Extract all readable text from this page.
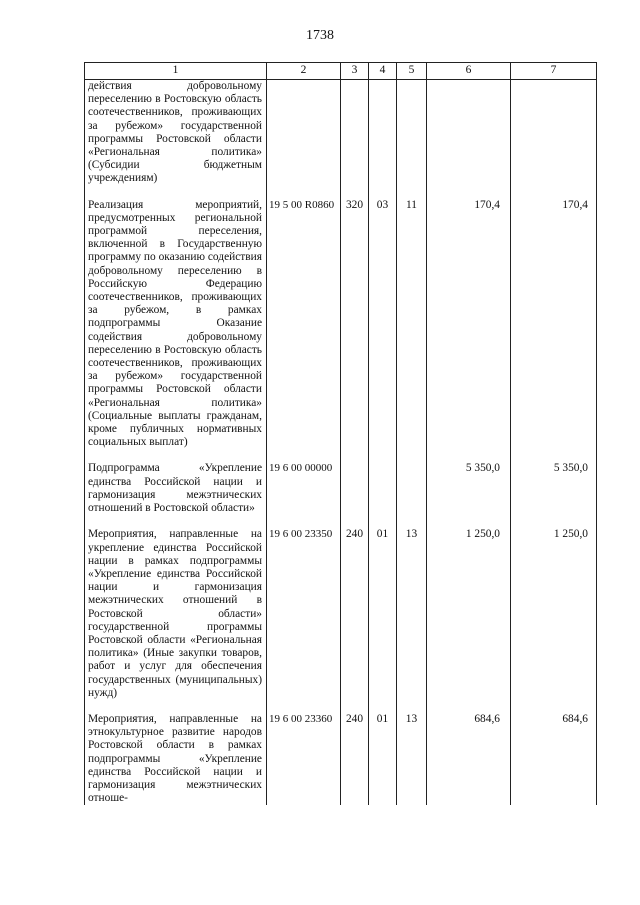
1738
1	2	3	4	5	6	7
действия добровольному переселению в Ростовскую область соотечественников, проживающих за рубежом» государственной программы Ростовской области «Региональная политика» (Субсидии бюджетным учреждениям)						
Реализация мероприятий, предусмотренных региональной программой переселения, включенной в Государственную программу по оказанию содействия добровольному переселению в Российскую Федерацию соотечественников, проживающих за рубежом, в рамках подпрограммы Оказание содействия добровольному переселению в Ростовскую область соотечественников, проживающих за рубежом» государственной программы Ростовской области «Региональная политика» (Социальные выплаты гражданам, кроме публичных нормативных социальных выплат)	19 5 00 R0860	320	03	11	170,4	170,4
Подпрограмма «Укрепление единства Российской нации и гармонизация межэтнических отношений в Ростовской области»	19 6 00 00000				5 350,0	5 350,0
Мероприятия, направленные на укрепление единства Российской нации в рамках подпрограммы «Укрепление единства Российской нации и гармонизация межэтнических отношений в Ростовской области» государственной программы Ростовской области «Региональная политика» (Иные закупки товаров, работ и услуг для обеспечения государственных (муниципальных) нужд)	19 6 00 23350	240	01	13	1 250,0	1 250,0
Мероприятия, направленные на этнокультурное развитие народов Ростовской области в рамках подпрограммы «Укрепление единства Российской нации и гармонизация межэтнических отноше-	19 6 00 23360	240	01	13	684,6	684,6
